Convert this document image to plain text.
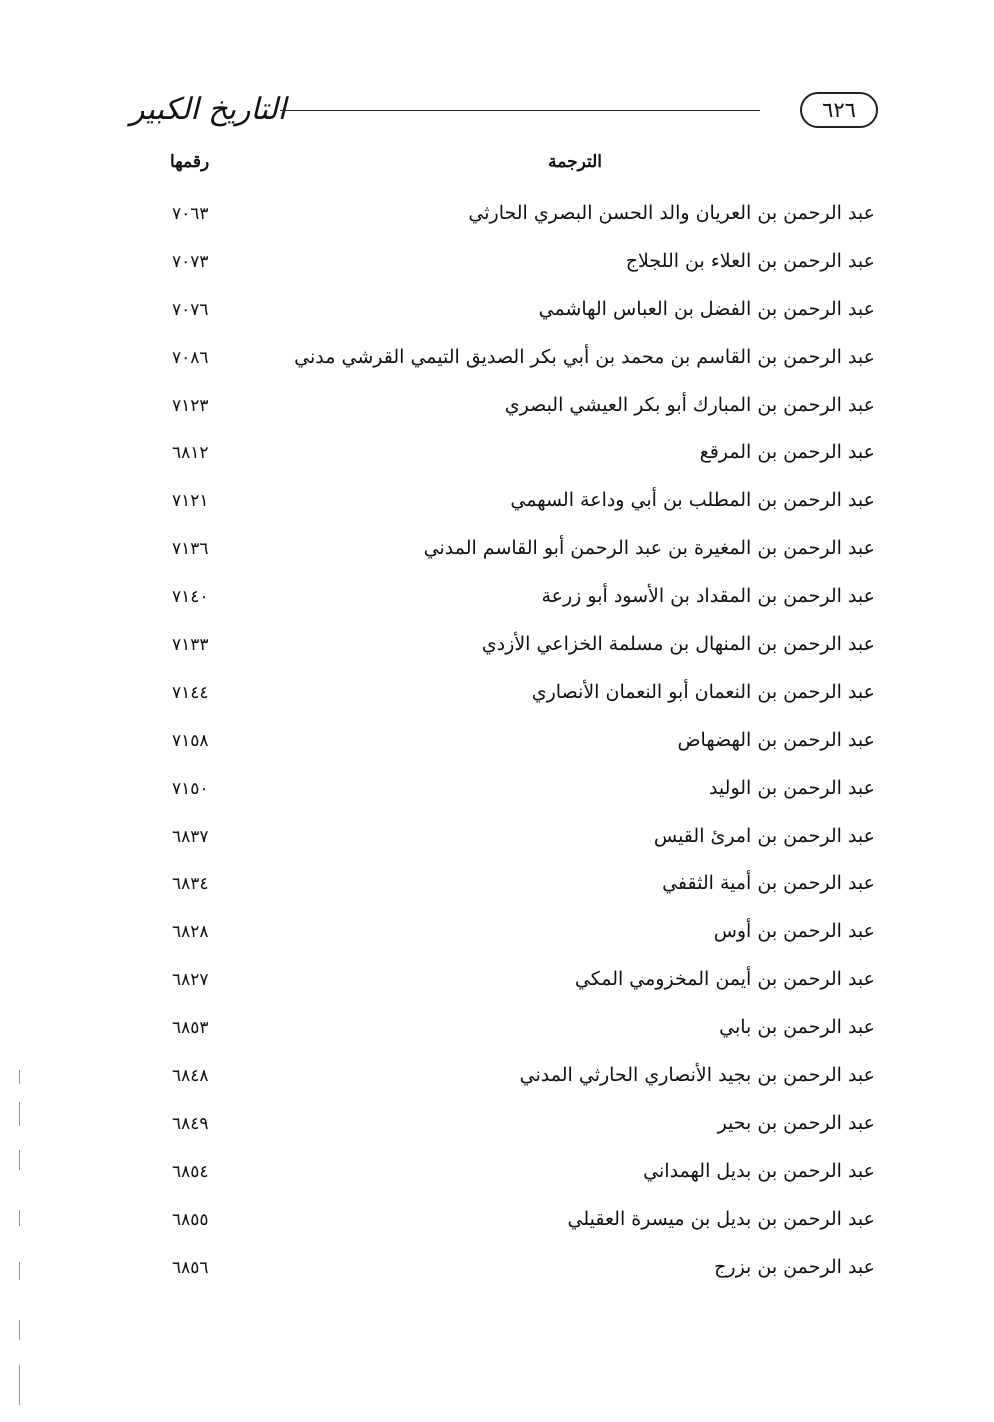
التاريخ الكبير	٦٢٦
الترجمة
رقمها
عبد الرحمن بن العريان والد الحسن البصري الحارثي
٧٠٦٣
عبد الرحمن بن العلاء بن اللجلاج
٧٠٧٣
عبد الرحمن بن الفضل بن العباس الهاشمي
٧٠٧٦
عبد الرحمن بن القاسم بن محمد بن أبي بكر الصديق التيمي القرشي مدني
٧٠٨٦
عبد الرحمن بن المبارك أبو بكر العيشي البصري
٧١٢٣
عبد الرحمن بن المرقع
٦٨١٢
عبد الرحمن بن المطلب بن أبي وداعة السهمي
٧١٢١
عبد الرحمن بن المغيرة بن عبد الرحمن أبو القاسم المدني
٧١٣٦
عبد الرحمن بن المقداد بن الأسود أبو زرعة
٧١٤٠
عبد الرحمن بن المنهال بن مسلمة الخزاعي الأزدي
٧١٣٣
عبد الرحمن بن النعمان أبو النعمان الأنصاري
٧١٤٤
عبد الرحمن بن الهضهاض
٧١٥٨
عبد الرحمن بن الوليد
٧١٥٠
عبد الرحمن بن امرئ القيس
٦٨٣٧
عبد الرحمن بن أمية الثقفي
٦٨٣٤
عبد الرحمن بن أوس
٦٨٢٨
عبد الرحمن بن أيمن المخزومي المكي
٦٨٢٧
عبد الرحمن بن بابي
٦٨٥٣
عبد الرحمن بن بجيد الأنصاري الحارثي المدني
٦٨٤٨
عبد الرحمن بن بحير
٦٨٤٩
عبد الرحمن بن بديل الهمداني
٦٨٥٤
عبد الرحمن بن بديل بن ميسرة العقيلي
٦٨٥٥
عبد الرحمن بن بزرج
٦٨٥٦
